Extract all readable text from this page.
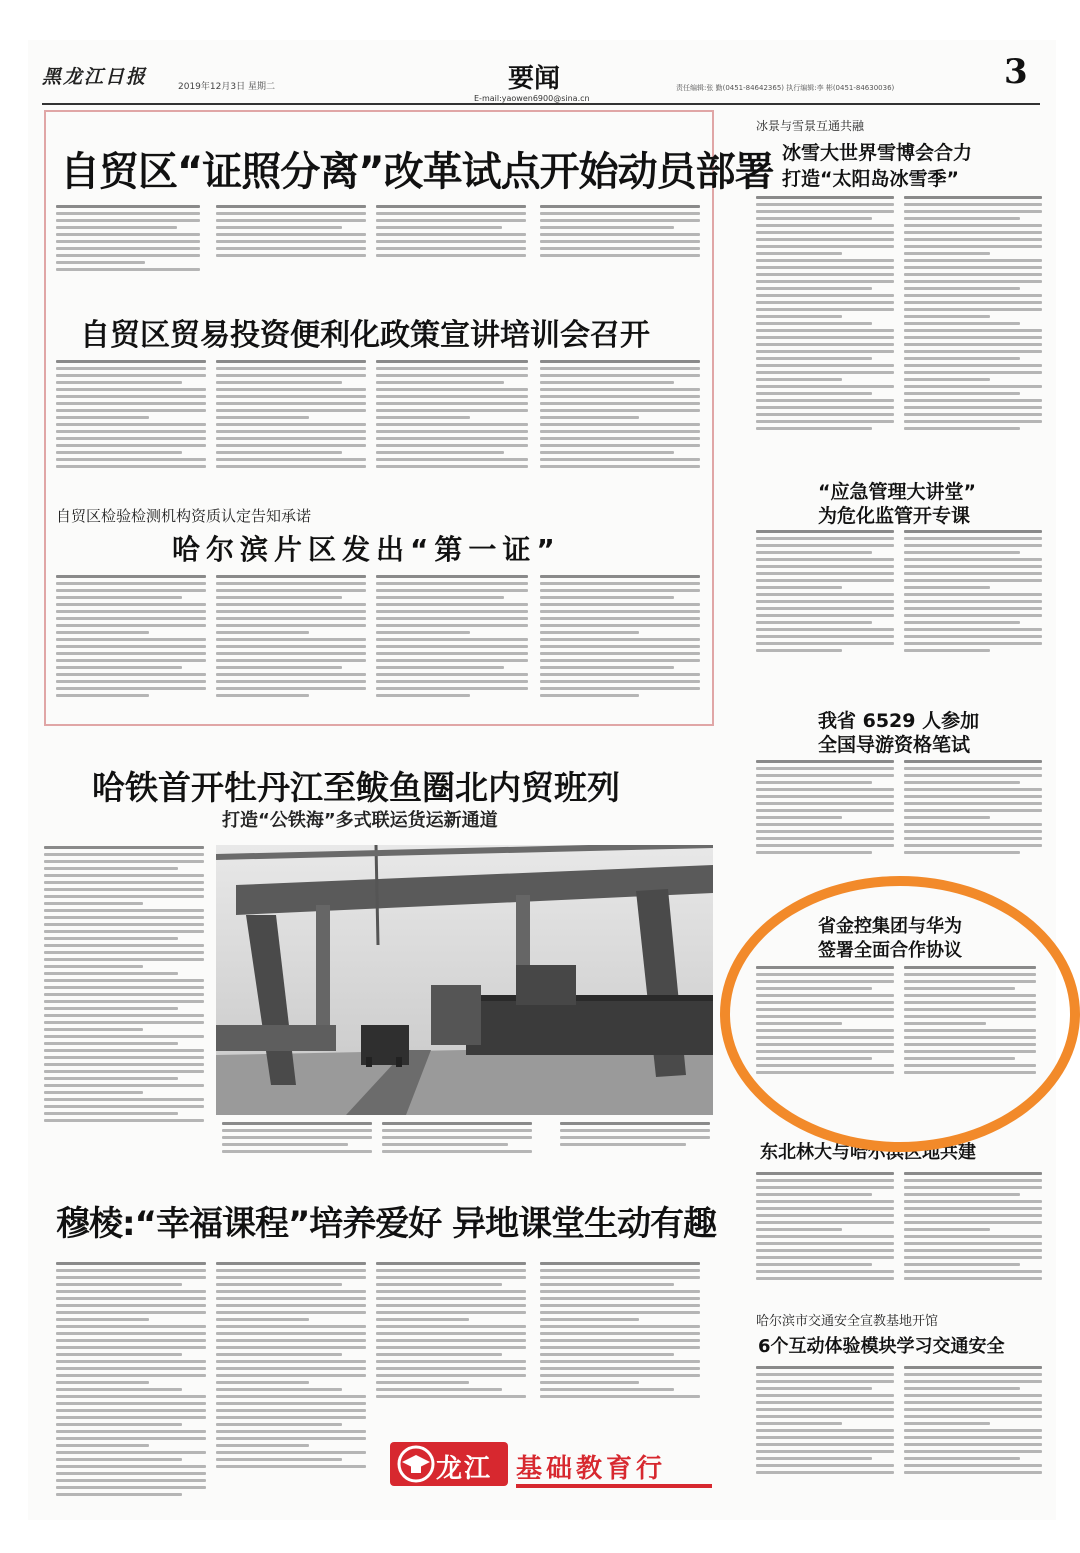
黑龙江日报	2019年12月3日 星期二	要闻
E-mail:yaowen6900@sina.cn
责任编辑:张 勤(0451-84642365) 执行编辑:李 彬(0451-84630036)	3
自贸区“证照分离”改革试点开始动员部署
自贸区贸易投资便利化政策宣讲培训会召开
自贸区检验检测机构资质认定告知承诺
哈尔滨片区发出“第一证”
哈铁首开牡丹江至鲅鱼圈北内贸班列
打造“公铁海”多式联运货运新通道
穆棱:“幸福课程”培养爱好 异地课堂生动有趣
龙江 基础教育行
冰景与雪景互通共融
冰雪大世界雪博会合力
打造“太阳岛冰雪季”
“应急管理大讲堂”
为危化监管开专课
我省 6529 人参加
全国导游资格笔试
省金控集团与华为
签署全面合作协议
东北林大与哈尔滨区地共建
哈尔滨市交通安全宣教基地开馆
6个互动体验模块学习交通安全
